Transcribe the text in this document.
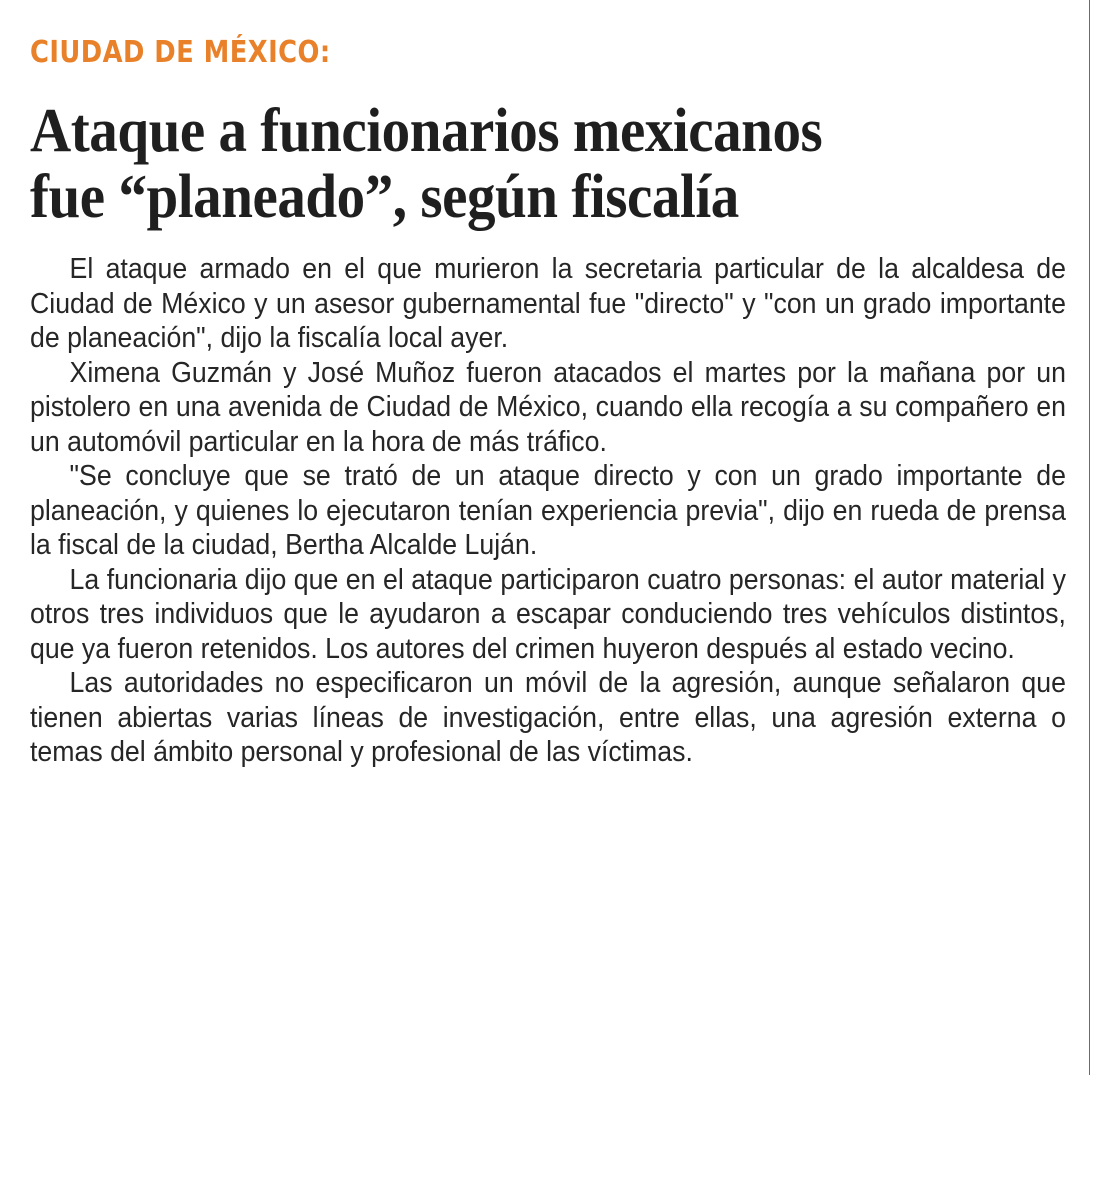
CIUDAD DE MÉXICO:
Ataque a funcionarios mexicanos
fue “planeado”, según fiscalía

El ataque armado en el que murieron la secretaria particular de la alcaldesa de Ciudad de México y un asesor gubernamental fue "directo" y "con un grado importante de planeación", dijo la fiscalía local ayer.

Ximena Guzmán y José Muñoz fueron atacados el martes por la mañana por un pistolero en una avenida de Ciudad de México, cuando ella recogía a su compañero en un automóvil particular en la hora de más tráfico.

"Se concluye que se trató de un ataque directo y con un grado importante de planeación, y quienes lo ejecutaron tenían experiencia previa", dijo en rueda de prensa la fiscal de la ciudad, Bertha Alcalde Luján.

La funcionaria dijo que en el ataque participaron cuatro personas: el autor material y otros tres individuos que le ayudaron a escapar conduciendo tres vehículos distintos, que ya fueron retenidos. Los autores del crimen huyeron después al estado vecino.

Las autoridades no especificaron un móvil de la agresión, aunque señalaron que tienen abiertas varias líneas de investigación, entre ellas, una agresión externa o temas del ámbito personal y profesional de las víctimas.
